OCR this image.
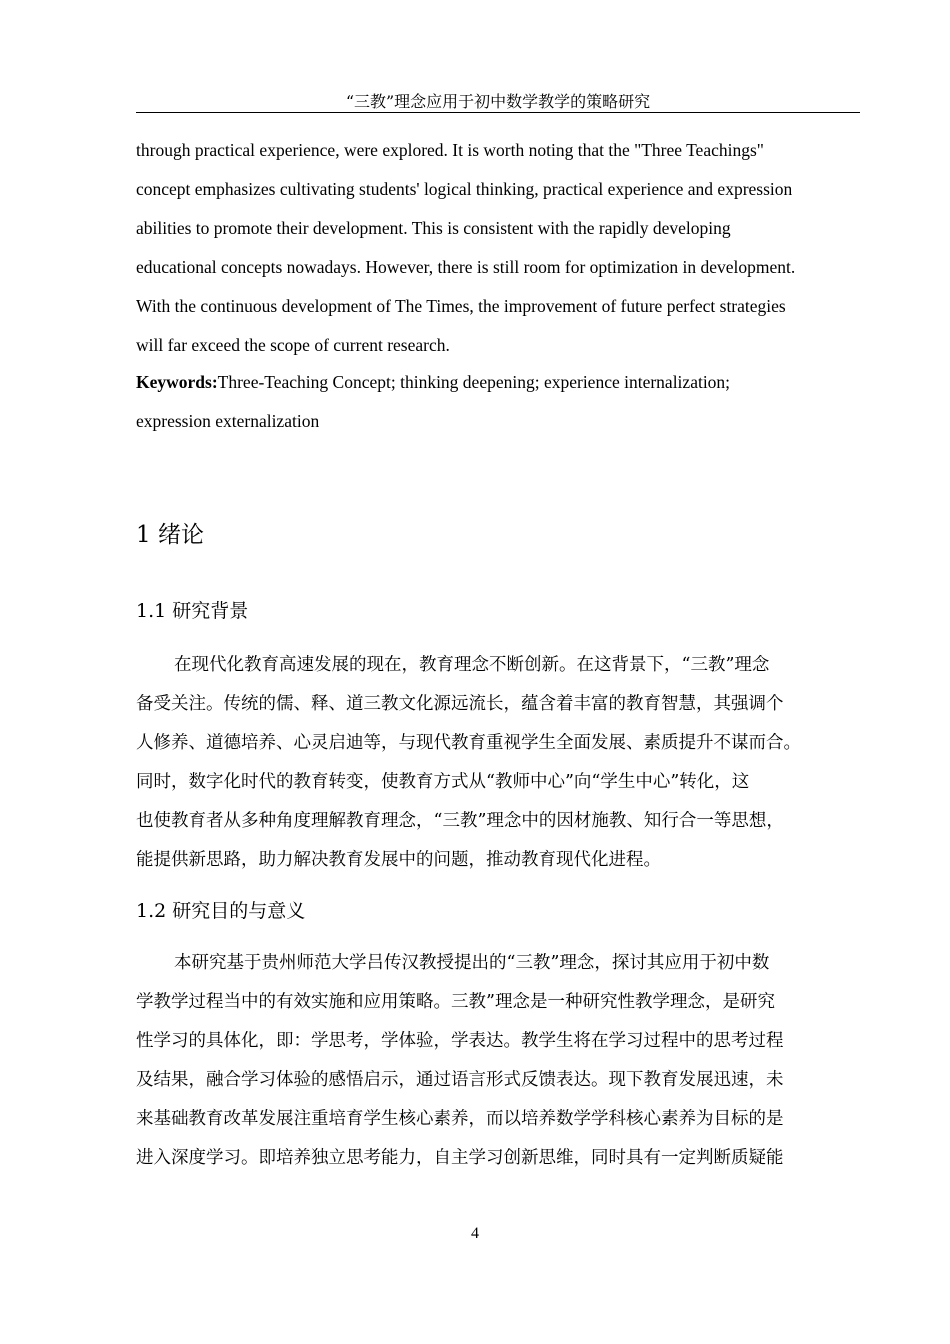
“三教”理念应用于初中数学教学的策略研究
through practical experience, were explored. It is worth noting that the "Three Teachings"
concept emphasizes cultivating students' logical thinking, practical experience and expression
abilities to promote their development. This is consistent with the rapidly developing
educational concepts nowadays. However, there is still room for optimization in development.
With the continuous development of The Times, the improvement of future perfect strategies
will far exceed the scope of current research.
Keywords:Three-Teaching Concept; thinking deepening; experience internalization;
expression externalization
1 绪论
1.1 研究背景
在现代化教育高速发展的现在，教育理念不断创新。在这背景下，“三教”理念
备受关注。传统的儒、释、道三教文化源远流长，蕴含着丰富的教育智慧，其强调个
人修养、道德培养、心灵启迪等，与现代教育重视学生全面发展、素质提升不谋而合。
同时，数字化时代的教育转变，使教育方式从“教师中心”向“学生中心”转化，这
也使教育者从多种角度理解教育理念，“三教”理念中的因材施教、知行合一等思想，
能提供新思路，助力解决教育发展中的问题，推动教育现代化进程。
1.2 研究目的与意义
本研究基于贵州师范大学吕传汉教授提出的“三教”理念，探讨其应用于初中数
学教学过程当中的有效实施和应用策略。三教”理念是一种研究性教学理念，是研究
性学习的具体化，即：学思考，学体验，学表达。教学生将在学习过程中的思考过程
及结果，融合学习体验的感悟启示，通过语言形式反馈表达。现下教育发展迅速，未
来基础教育改革发展注重培育学生核心素养，而以培养数学学科核心素养为目标的是
进入深度学习。即培养独立思考能力，自主学习创新思维，同时具有一定判断质疑能
4
